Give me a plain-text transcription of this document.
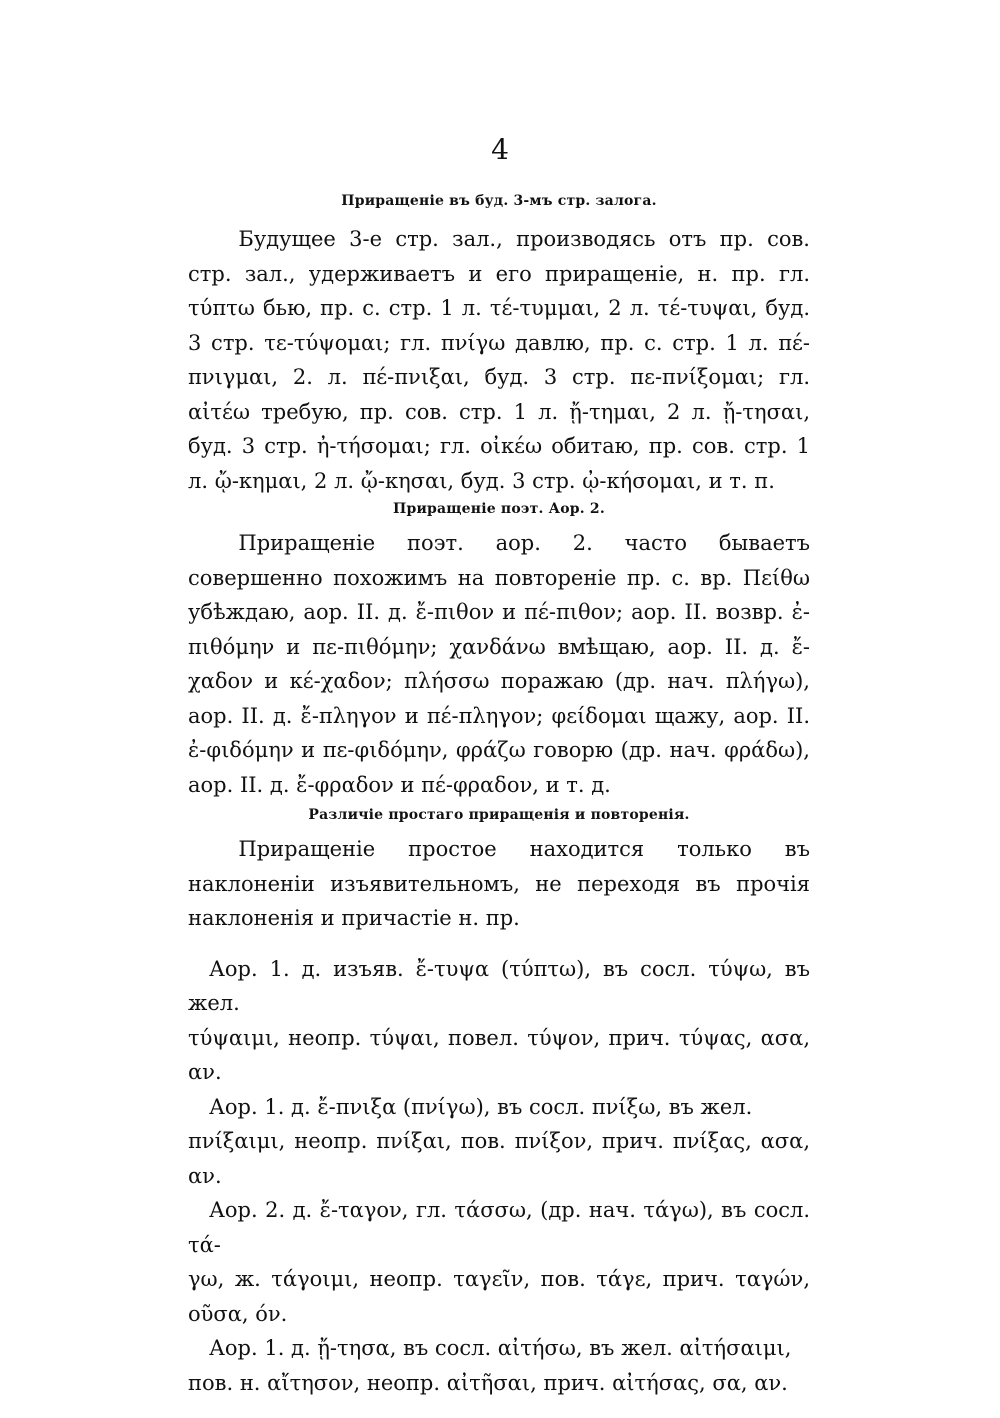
4

Приращеніе въ буд. 3-мъ стр. залога.

Будущее 3-е стр. зал., производясь отъ пр. сов. стр. зал., удерживаетъ и его приращеніе, н. пр. гл. τύπτω бью, пр. с. стр. 1 л. τέ-τυμμαι, 2 л. τέ-τυψαι, буд. 3 стр. τε-τύψομαι; гл. πνίγω давлю, пр. с. стр. 1 л. πέ-πνιγμαι, 2. л. πέ-πνιξαι, буд. 3 стр. πε-πνίξομαι; гл. αἰτέω требую, пр. сов. стр. 1 л. ᾔ-τημαι, 2 л. ᾔ-τησαι, буд. 3 стр. ἠ-τήσομαι; гл. οἰκέω обитаю, пр. сов. стр. 1 л. ᾤ-κημαι, 2 л. ᾤ-κησαι, буд. 3 стр. ᾠ-κήσομαι, и т. п.

Приращеніе поэт. Аор. 2.

Приращеніе поэт. аор. 2. часто бываетъ совершенно похожимъ на повтореніе пр. с. вр. Πείθω убѣждаю, аор. II. д. ἔ-πιθον и πέ-πιθον; аор. II. возвр. ἐ-πιθόμην и πε-πιθόμην; χανδάνω вмѣщаю, аор. II. д. ἔ-χαδον и κέ-χαδον; πλήσσω поражаю (др. нач. πλήγω), аор. II. д. ἔ-πληγον и πέ-πληγον; φείδομαι щажу, аор. II. ἐ-φιδόμην и πε-φιδόμην, φράζω говорю (др. нач. φράδω), аор. II. д. ἔ-φραδον и πέ-φραδον, и т. д.

Различіе простаго приращенія и повторенія.

Приращеніе простое находится только въ наклоненіи изъявительномъ, не переходя въ прочія наклоненія и причастіе н. пр.

Аор. 1. д. изъяв. ἔ-τυψα (τύπτω), въ сосл. τύψω, въ жел.

τύψαιμι, неопр. τύψαι, повел. τύψον, прич. τύψας, ασα, αν.

Аор. 1. д. ἔ-πνιξα (πνίγω), въ сосл. πνίξω, въ жел.

πνίξαιμι, неопр. πνίξαι, пов. πνίξον, прич. πνίξας, ασα, αν.

Аор. 2. д. ἔ-ταγον, гл. τάσσω, (др. нач. τάγω), въ сосл. τά-

γω, ж. τάγοιμι, неопр. ταγεῖν, пов. τάγε, прич. ταγών, οῦσα, όν.

Аор. 1. д. ᾔ-τησα, въ сосл. αἰτήσω, въ жел. αἰτήσαιμι,

пов. н. αἴτησον, неопр. αἰτῆσαι, прич. αἰτήσας, σα, αν.
